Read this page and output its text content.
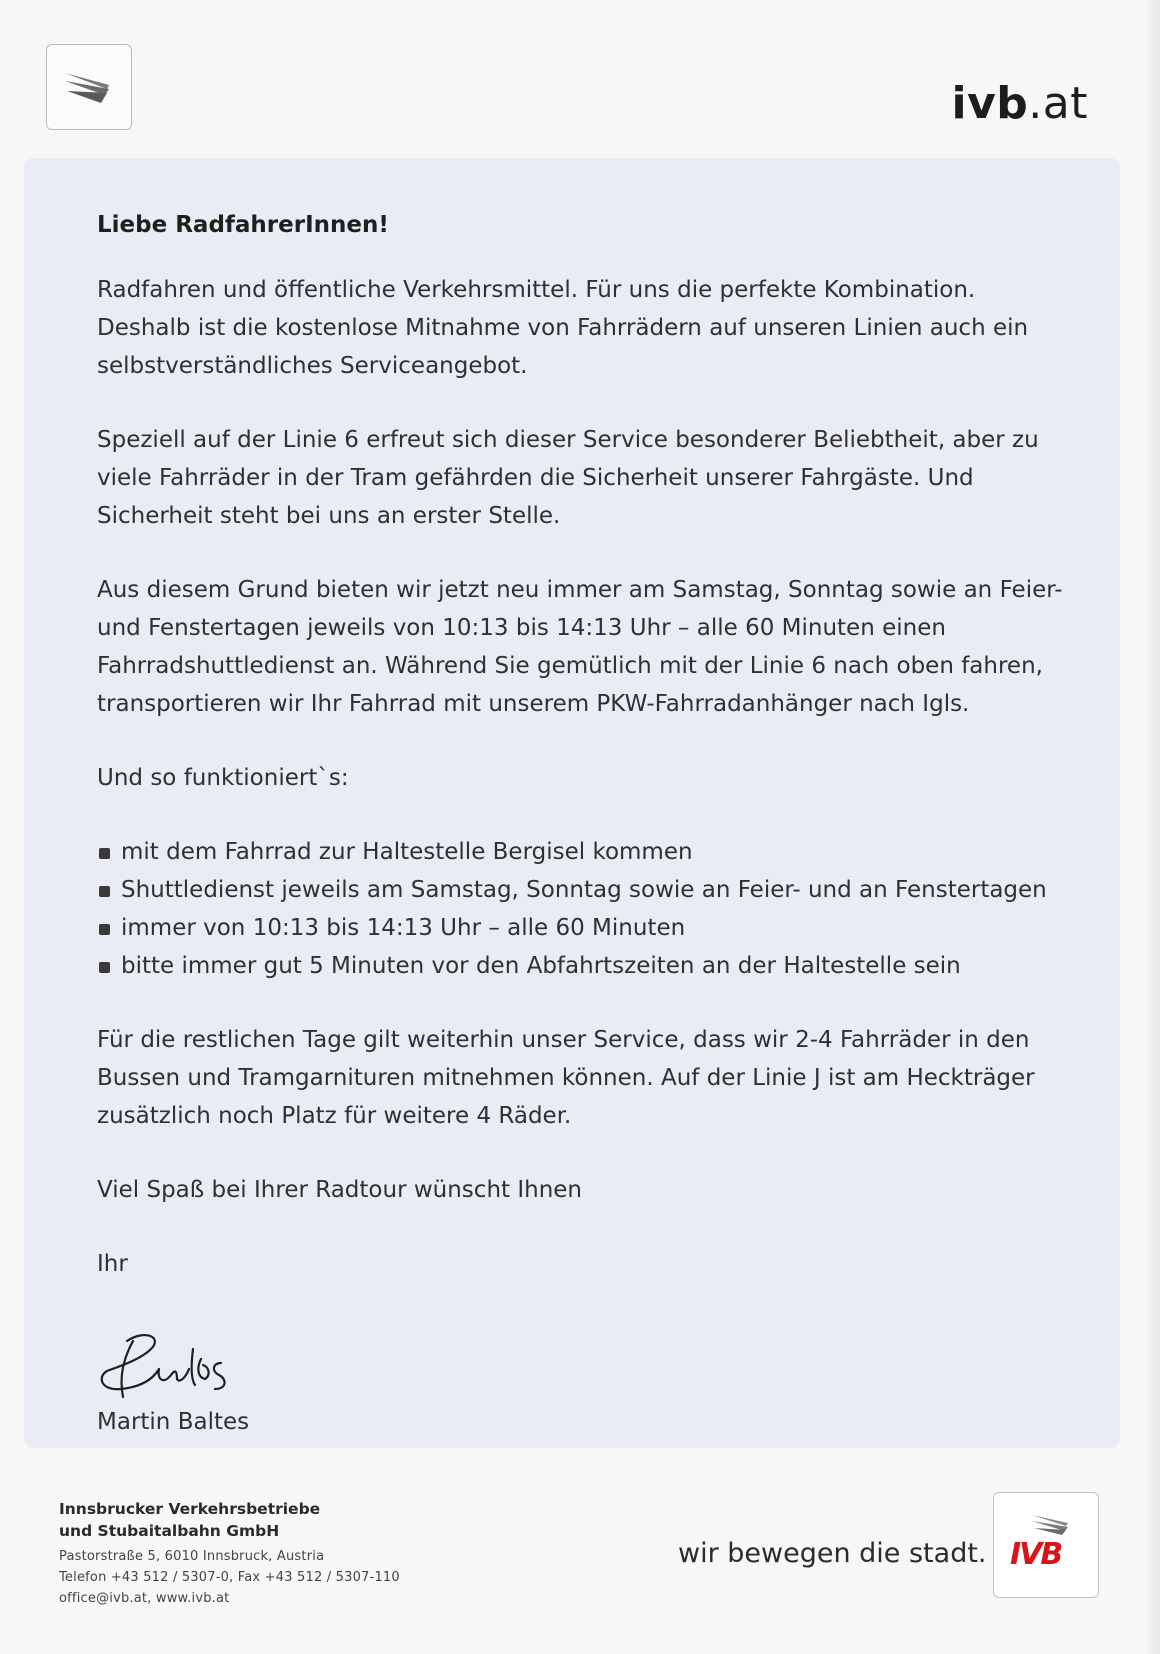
ivb.at
Liebe RadfahrerInnen!

Radfahren und öffentliche Verkehrsmittel. Für uns die perfekte Kombination. Deshalb ist die kostenlose Mitnahme von Fahrrädern auf unseren Linien auch ein selbstverständliches Serviceangebot.

Speziell auf der Linie 6 erfreut sich dieser Service besonderer Beliebtheit, aber zu viele Fahrräder in der Tram gefährden die Sicherheit unserer Fahrgäste. Und Sicherheit steht bei uns an erster Stelle.

Aus diesem Grund bieten wir jetzt neu immer am Samstag, Sonntag sowie an Feier- und Fenstertagen jeweils von 10:13 bis 14:13 Uhr – alle 60 Minuten einen Fahrradshuttledienst an. Während Sie gemütlich mit der Linie 6 nach oben fahren, transportieren wir Ihr Fahrrad mit unserem PKW-Fahrradanhänger nach Igls.

Und so funktioniert`s:

mit dem Fahrrad zur Haltestelle Bergisel kommen
Shuttledienst jeweils am Samstag, Sonntag sowie an Feier- und an Fenstertagen
immer von 10:13 bis 14:13 Uhr – alle 60 Minuten
bitte immer gut 5 Minuten vor den Abfahrtszeiten an der Haltestelle sein

Für die restlichen Tage gilt weiterhin unser Service, dass wir 2-4 Fahrräder in den Bussen und Tramgarnituren mitnehmen können. Auf der Linie J ist am Heckträger zusätzlich noch Platz für weitere 4 Räder.

Viel Spaß bei Ihrer Radtour wünscht Ihnen

Ihr

Martin Baltes

Innsbrucker Verkehrsbetriebe
und Stubaitalbahn GmbH
Pastorstraße 5, 6010 Innsbruck, Austria
Telefon +43 512 / 5307-0, Fax +43 512 / 5307-110
office@ivb.at, www.ivb.at
wir bewegen die stadt. IVB
